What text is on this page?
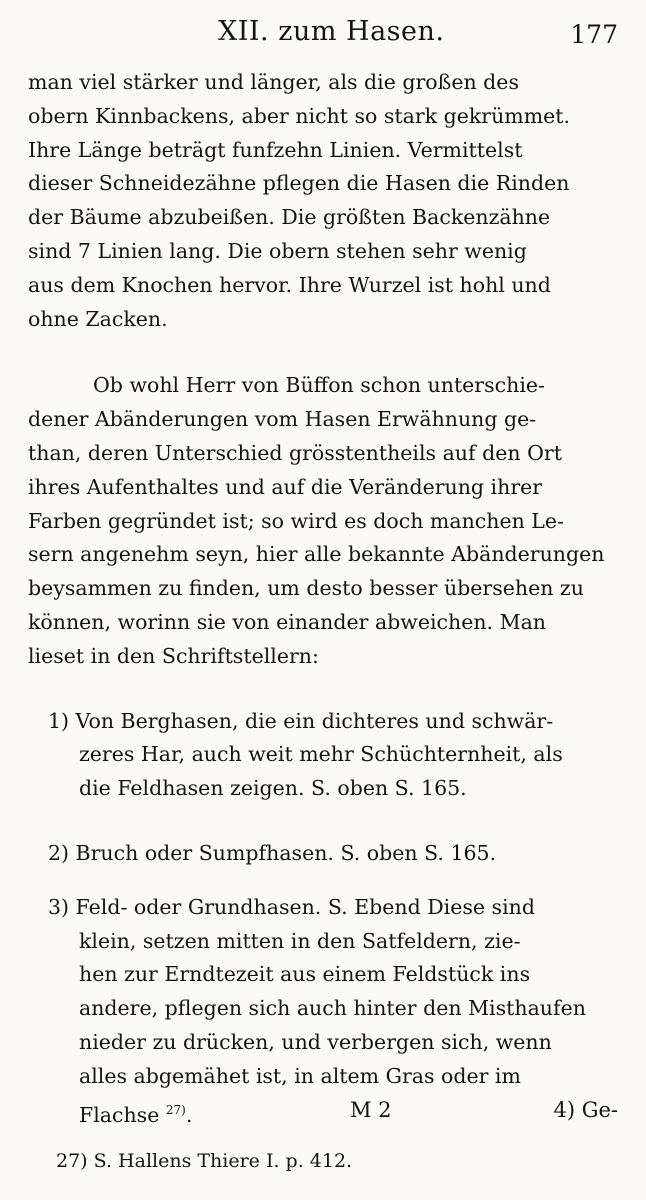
XII. zum Hasen.	177
man viel stärker und länger, als die großen des
obern Kinnbackens, aber nicht so stark gekrümmet.
Ihre Länge beträgt funfzehn Linien. Vermittelst
dieser Schneidezähne pflegen die Hasen die Rinden
der Bäume abzubeißen. Die größten Backenzähne
sind 7 Linien lang. Die obern stehen sehr wenig
aus dem Knochen hervor. Ihre Wurzel ist hohl und
ohne Zacken.
Ob wohl Herr von Büffon schon unterschie-
dener Abänderungen vom Hasen Erwähnung ge-
than, deren Unterschied grösstentheils auf den Ort
ihres Aufenthaltes und auf die Veränderung ihrer
Farben gegründet ist; so wird es doch manchen Le-
sern angenehm seyn, hier alle bekannte Abänderungen
beysammen zu finden, um desto besser übersehen zu
können, worinn sie von einander abweichen. Man
lieset in den Schriftstellern:
1) Von Berghasen, die ein dichteres und schwär-
zeres Har, auch weit mehr Schüchternheit, als
die Feldhasen zeigen. S. oben S. 165.
2) Bruch oder Sumpfhasen. S. oben S. 165.
3) Feld- oder Grundhasen. S. Ebend Diese sind
klein, setzen mitten in den Satfeldern, zie-
hen zur Erndtezeit aus einem Feldstück ins
andere, pflegen sich auch hinter den Misthaufen
nieder zu drücken, und verbergen sich, wenn
alles abgemähet ist, in altem Gras oder im
Flachse $^{27)}$.	M 2	4) Ge-
27) S. Hallens Thiere I. p. 412.
